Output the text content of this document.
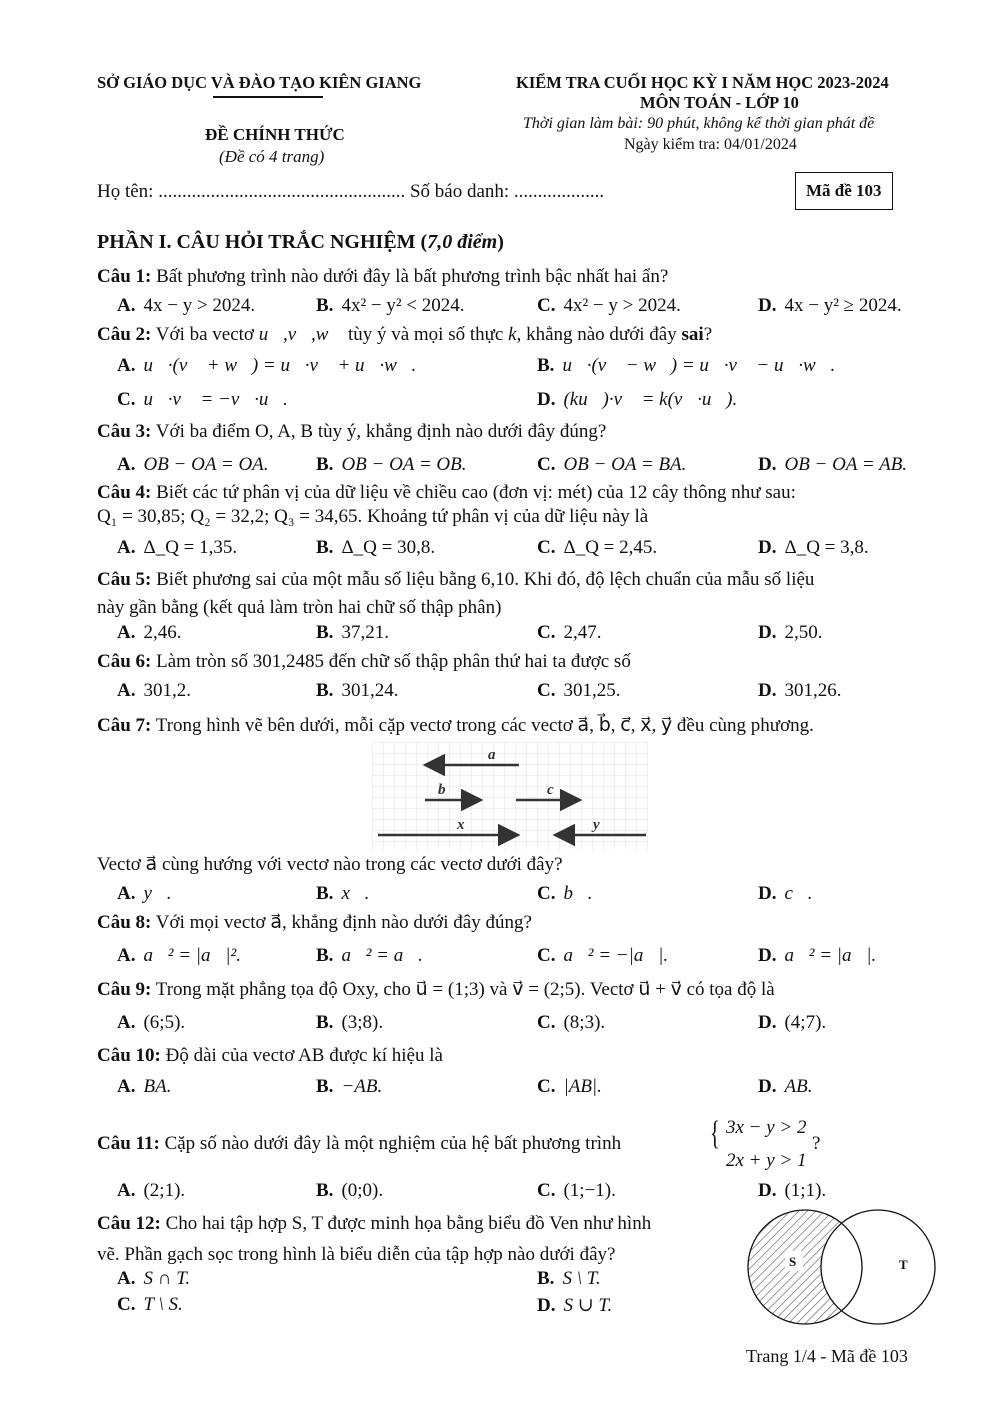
SỞ GIÁO DỤC VÀ ĐÀO TẠO KIÊN GIANG
ĐỀ CHÍNH THỨC
(Đề có 4 trang)
KIỂM TRA CUỐI HỌC KỲ I NĂM HỌC 2023-2024
MÔN TOÁN - LỚP 10
Thời gian làm bài: 90 phút, không kể thời gian phát đề
Ngày kiểm tra: 04/01/2024
Họ tên: .................................................... Số báo danh: ...................	Mã đề 103
PHẦN I. CÂU HỎI TRẮC NGHIỆM (7,0 điểm)
Câu 1: Bất phương trình nào dưới đây là bất phương trình bậc nhất hai ẩn?
A. 4x − y > 2024.	B. 4x² − y² < 2024.	C. 4x² − y > 2024.	D. 4x − y² ≥ 2024.
Câu 2: Với ba vectơ u⃗,v⃗,w⃗ tùy ý và mọi số thực k, khẳng nào dưới đây sai?
A. u⃗·(v⃗ + w⃗) = u⃗·v⃗ + u⃗·w⃗.	B. u⃗·(v⃗ − w⃗) = u⃗·v⃗ − u⃗·w⃗.
C. u⃗·v⃗ = −v⃗·u⃗.	D. (ku⃗)·v⃗ = k(v⃗·u⃗).
Câu 3: Với ba điểm O, A, B tùy ý, khẳng định nào dưới đây đúng?
A. OB − OA = OA. B. OB − OA = OB.	C. OB − OA = BA.	D. OB − OA = AB.
Câu 4: Biết các tứ phân vị của dữ liệu về chiều cao (đơn vị: mét) của 12 cây thông như sau:
Q₁ = 30,85; Q₂ = 32,2; Q₃ = 34,65. Khoảng tứ phân vị của dữ liệu này là
A. Δ_Q = 1,35.	B. Δ_Q = 30,8.	C. Δ_Q = 2,45.	D. Δ_Q = 3,8.
Câu 5: Biết phương sai của một mẫu số liệu bằng 6,10. Khi đó, độ lệch chuẩn của mẫu số liệu
này gần bằng (kết quả làm tròn hai chữ số thập phân)
A. 2,46.	B. 37,21.	C. 2,47.	D. 2,50.
Câu 6: Làm tròn số 301,2485 đến chữ số thập phân thứ hai ta được số
A. 301,2.	B. 301,24.	C. 301,25.	D. 301,26.
Câu 7: Trong hình vẽ bên dưới, mỗi cặp vectơ trong các vectơ a⃗, b⃗, c⃗, x⃗, y⃗ đều cùng phương.
a
b	c
x	y
Vectơ a⃗ cùng hướng với vectơ nào trong các vectơ dưới đây?
A. y⃗.	B. x⃗.	C. b⃗.	D. c⃗.
Câu 8: Với mọi vectơ a⃗, khẳng định nào dưới đây đúng?
A. a⃗² = |a⃗|².	B. a⃗² = a⃗.	C. a⃗² = −|a⃗|.	D. a⃗² = |a⃗|.
Câu 9: Trong mặt phẳng tọa độ Oxy, cho u⃗ = (1;3) và v⃗ = (2;5). Vectơ u⃗ + v⃗ có tọa độ là
A. (6;5).	B. (3;8).	C. (8;3).	D. (4;7).
Câu 10: Độ dài của vectơ AB được kí hiệu là
A. BA.	B. −AB.	C. |AB|.	D. AB.
Câu 11: Cặp số nào dưới đây là một nghiệm của hệ bất phương trình	{ 3x − y > 2
2x + y > 1
?
A. (2;1).	B. (0;0).	C. (1;−1).	D. (1;1).
Câu 12: Cho hai tập hợp S, T được minh họa bằng biểu đồ Ven như hình
vẽ. Phần gạch sọc trong hình là biểu diễn của tập hợp nào dưới đây?
A. S ∩ T.	B. S \ T.
C. T \ S.	D. S ∪ T.
S	T
Trang 1/4 - Mã đề 103
